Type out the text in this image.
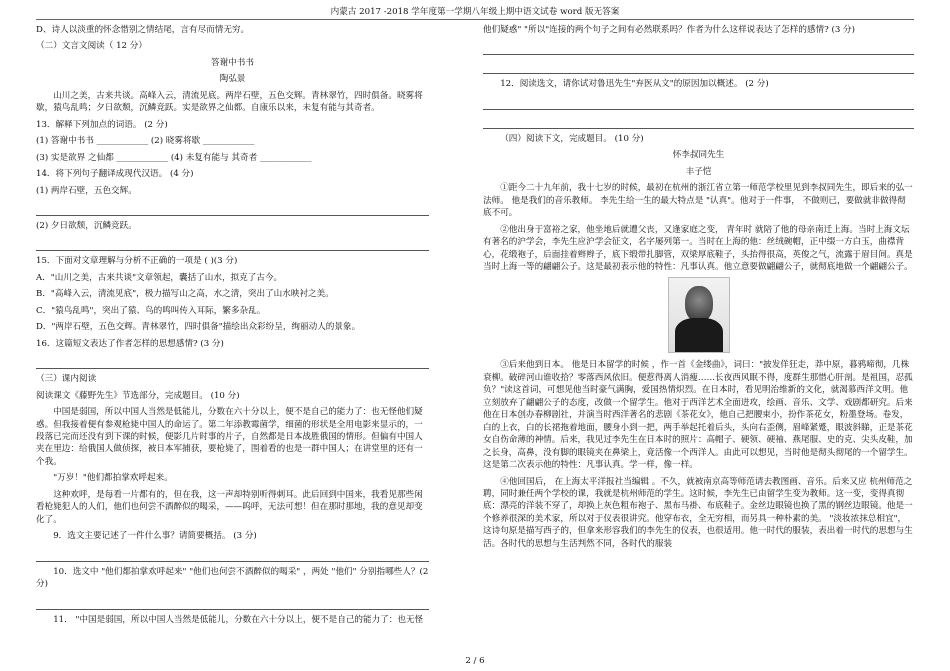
内蒙古 2017 -2018 学年度第一学期八年级上期中语文试卷 word 版无答案

D、诗人以淡重的怀念惜别之情结尾，言有尽而情无穷。

（二）文言文阅读（ 12 分）

答谢中书书

陶弘景

山川之美，古来共谈。高峰入云，清流见底。两岸石壁，五色交辉。青林翠竹，四时俱备。晓雾将歇，猿鸟乱鸣；夕日欲颓，沉鳞竞跃。实是欲界之仙都。自康乐以来，未复有能与其奇者。

13．解释下列加点的词语。 (2 分)

(1) 答谢中书书 ____________ (2) 晓雾将歇 ____________

(3) 实是欲界 之仙都 ____________ (4) 未复有能与 其奇者 ____________

14．将下列句子翻译成现代汉语。 (4 分)

(1) 两岸石壁，五色交辉。

(2) 夕日欲颓，沉鳞竞跃。

15．下面对文章理解与分析不正确的一项是 ( )(3 分)

A．"山川之美，古来共谈"文章领起，囊括了山水，拟克了古今。

B．"高峰入云，清流见底"，极力描写山之高，水之清，突出了山水映衬之美。

C．"猿鸟乱鸣"，突出了猿、鸟的鸣叫传入耳际，繁多杂乱。

D．"两岸石壁，五色交辉。青林翠竹，四时俱备"描绘出众彩纷呈，绚丽动人的景象。

16．这篇短文表达了作者怎样的思想感情? (3 分)

（三）课内阅读

阅读课文《藤野先生》节选部分，完成题目。 (10 分)

中国是弱国，所以中国人当然是低能儿，分数在六十分以上，便不是自己的能力了：也无怪他们疑惑。但我接着便有参观枪毙中国人的命运了。第二年添教霉菌学，细菌的形状是全用电影来显示的，一段落已完而还没有到下课的时候，便影几片时事的片子，自然都是日本战胜俄国的情形。但偏有中国人夹在里边：给俄国人做侦探，被日本军捕获，要枪毙了，围着看的也是一群中国人；在讲堂里的还有一个我。

"万岁！"他们都拍掌欢呼起来。

这种欢呼，是每看一片都有的，但在我，这一声却特别听得刺耳。此后回到中国来，我看见那些闲看枪毙犯人的人们，他们也何尝不酒醉似的喝采，——呜呼，无法可想！但在那时那地，我的意见却变化了。

9．选文主要记述了一件什么事？请简要概括。 (3 分)

10．选文中 "他们都拍掌欢呼起来" "他们也何尝不酒醉似的喝采" ，两处 "他们" 分别指哪些人？(2 分)

11． "中国是弱国，所以中国人当然是低能儿，分数在六十分以上，便不是自己的能力了：也无怪

他们疑惑" "所以"连接的两个句子之间有必然联系吗？作者为什么这样说表达了怎样的感情? (3 分)

12．阅读选文，请你试对鲁迅先生"弃医从文"的原因加以概述。 (2 分)

（四）阅读下文，完成题目。 (10 分)

怀李叔同先生

丰子恺

①距今二十九年前，我十七岁的时候，最初在杭州的浙江省立第一师范学校里见到李叔同先生，即后来的弘一法师。 他是我们的音乐教师。 李先生给一生的最大特点是 "认真"。他对于一件事， 不做则已，要做就非做得彻底不可。

②他出身于富裕之家，他坐地后就遭父丧，又逢家庭之变， 青年时 就陪了他的母亲南迁上海。当时上海文坛有著名的沪学会，李先生应沪学会征文，名字屡列第一。当时在上海的他：丝绒碗帽，正中缀一方白玉，曲襟背心，花缎袍子，后面挂着辫辫子，底下缎带扎脚管，双梁厚底鞋子，头抬得很高，英俊之气，流露于眉目间。真是当时上海一等的翩翩公子。这是最初表示他的特性：凡事认真。他立意要做翩翩公子，就彻底地做一个翩翩公子。

③后来他到日本。 他是日本留学的时候 ，作一首《金缕曲》，词曰："披发佯狂走，莽中原，暮鸦啼彻，几株衰柳。破碎河山谁收拾？零落西风依旧。便惹得离人消瘦……长夜西风眠不得，度群生那惜心肝剖。是祖国，忍孤负？"读这首词，可想见他当时豪气满胸，爱国热情炽烈。在日本时，看见明治维新的文化，就渴慕西洋文明。他立刻放弃了翩翩公子的态度，改做一个留学生。他对于西洋艺术全面进攻，绘画、音乐、文学、戏剧都研究。后来他在日本创办春柳剧社，并演当时西洋著名的悲剧《茶花女》，他自己把腰束小，扮作茶花女，粉墨登场。卷发，白的上衣，白的长裙拖着地面，腰身小到一把，两手举起托着后头，头向右歪侧，眉峰紧蹙，眼波斜睇，正是茶花女自伤命薄的神情。后来，我见过李先生在日本时的照片：高帽子、硬领、硬袖、燕尾服、史的克、尖头皮鞋，加之长身，高鼻，没有脚的眼镜夹在鼻梁上，竟活像一个西洋人。由此可以想见，当时他是彻头彻尾的一个留学生。这是第二次表示他的特性：凡事认真。学一样，像一样。

④他回国后， 在上海太平洋报社当编辑 。不久，就被南京高等师范请去教图画、音乐。后来又应 杭州师范之聘，同时兼任两个学校的课，我就是杭州师范的学生。这时候，李先生已由留学生变为教师。这一变，变得真彻底：漂亮的洋装不穿了，却换上灰色粗布袍子、黑布马褂、布底鞋子。金丝边眼镜也换了黑的钢丝边眼镜。他是一个修养很深的美术家，所以对于仪表很讲究。他穿布衣，全无穷相，而另具一种朴素的美。 "淡妆浓抹总相宜"，这诗句原是描写西子的，但拿来形容我们的李先生的仪表，也很适用。他一时代的服装，表出着一时代的思想与生活。各时代的思想与生活判然不同，各时代的服装

2 / 6
